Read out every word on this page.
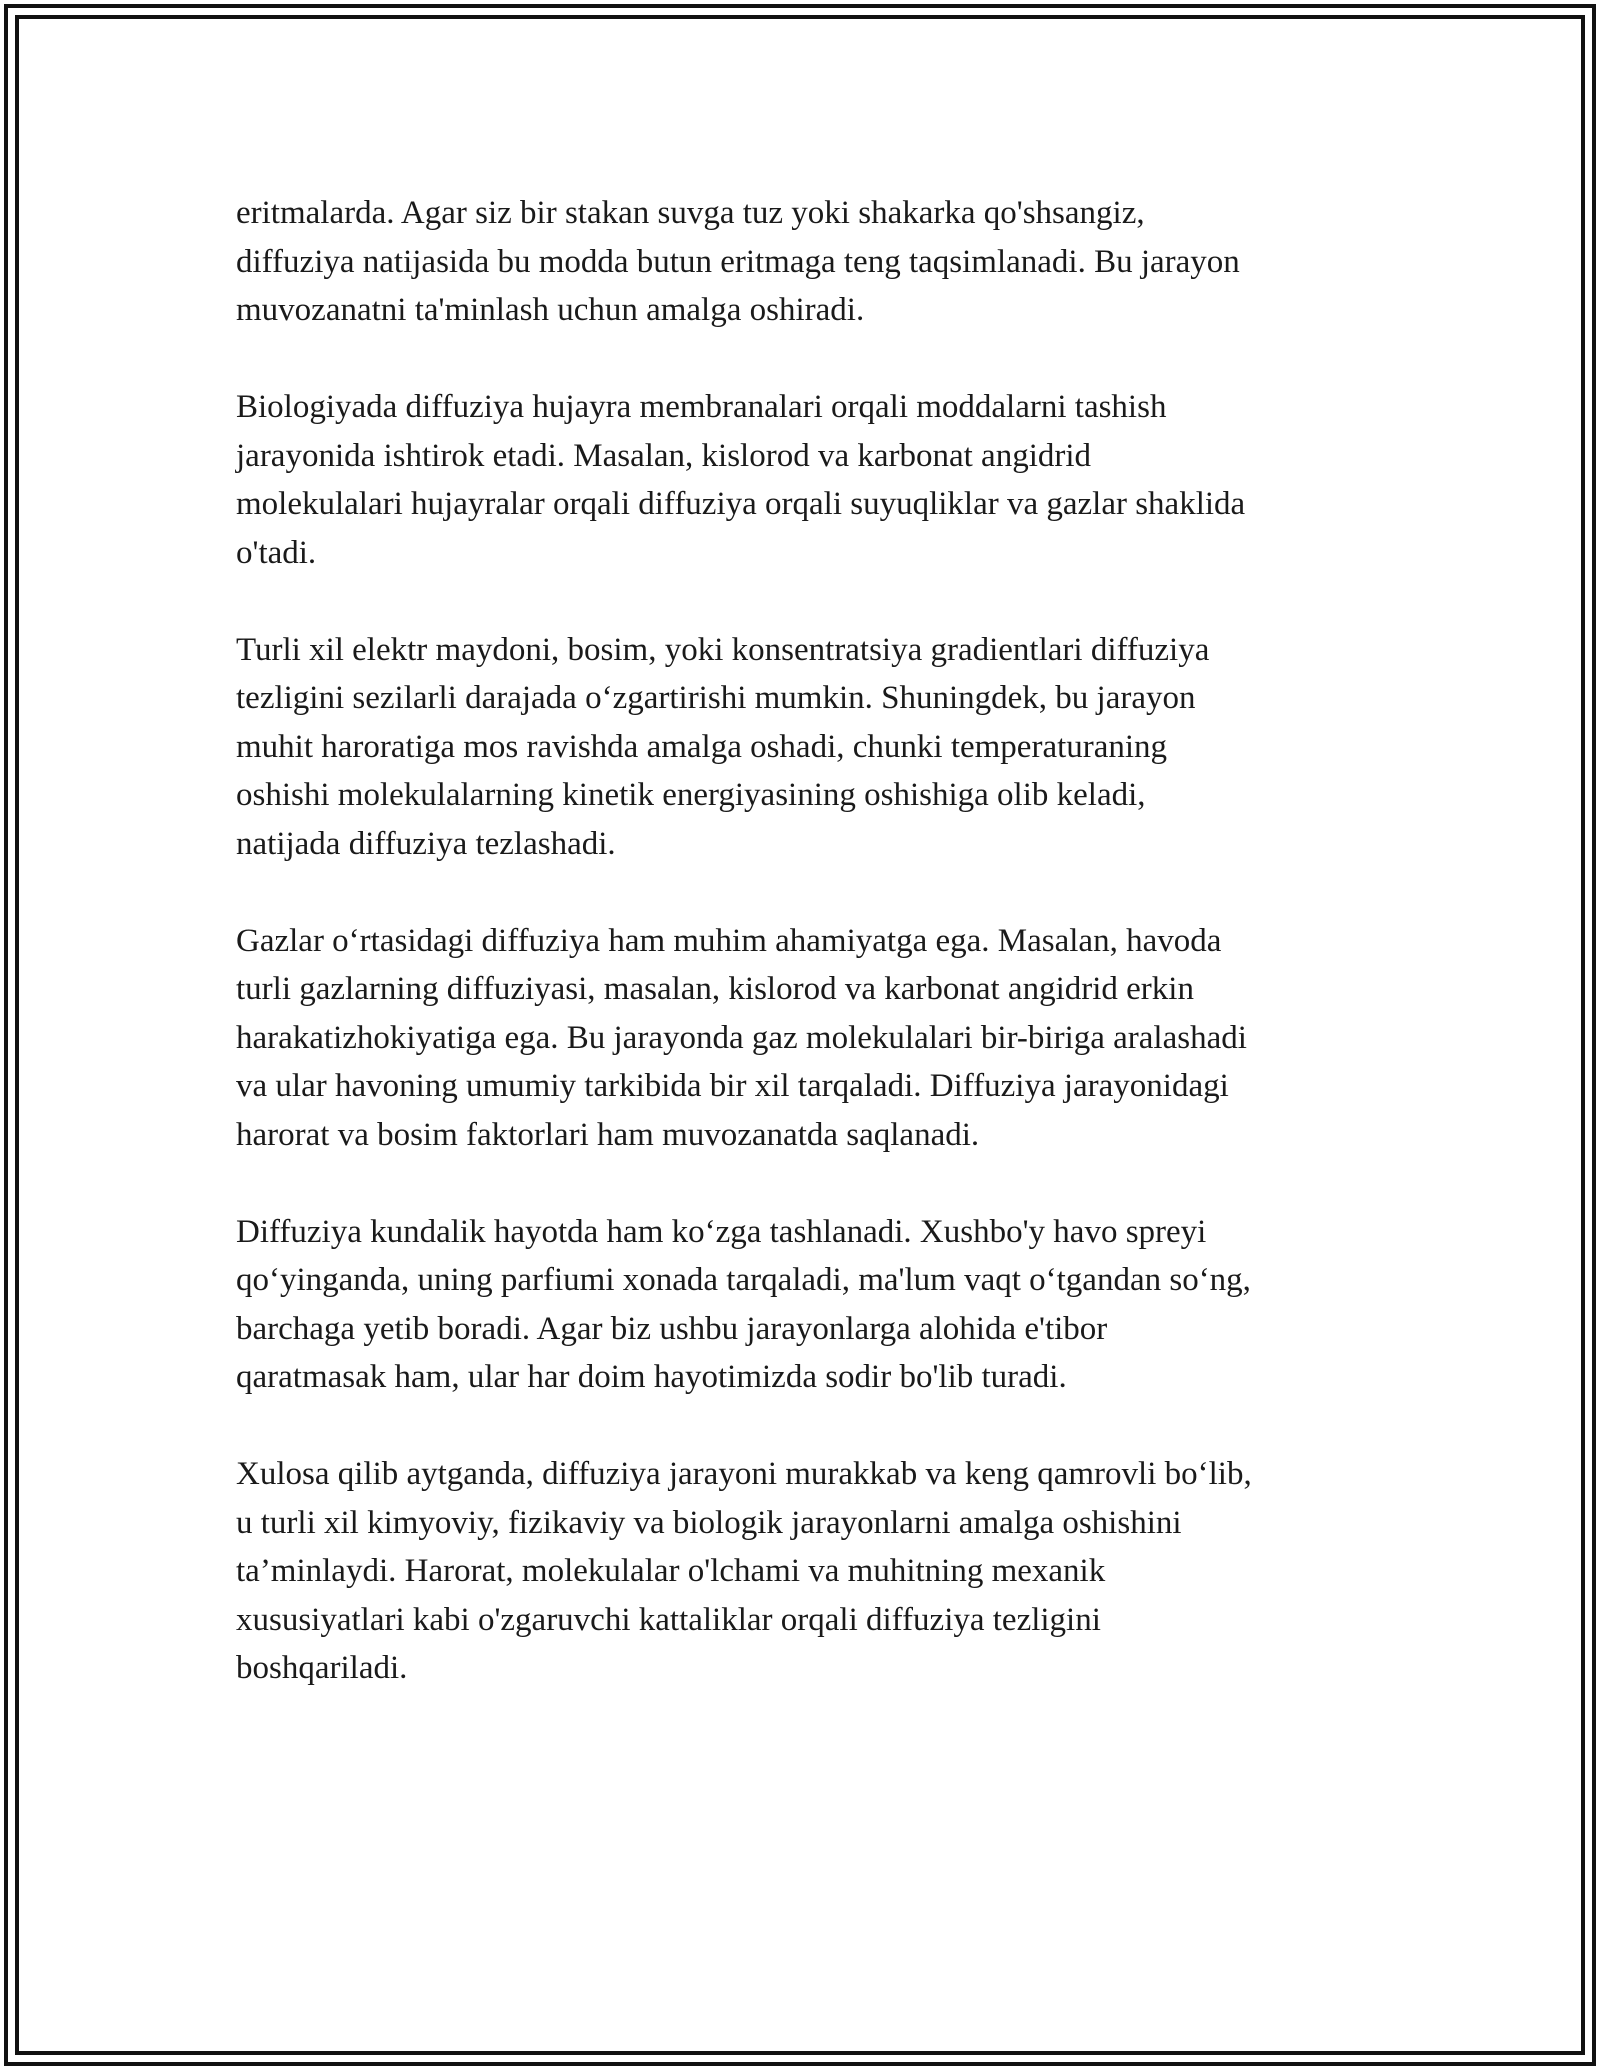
eritmalarda. Agar siz bir stakan suvga tuz yoki shakarka qo'shsangiz,
diffuziya natijasida bu modda butun eritmaga teng taqsimlanadi. Bu jarayon
muvozanatni ta'minlash uchun amalga oshiradi.

Biologiyada diffuziya hujayra membranalari orqali moddalarni tashish
jarayonida ishtirok etadi. Masalan, kislorod va karbonat angidrid
molekulalari hujayralar orqali diffuziya orqali suyuqliklar va gazlar shaklida
o'tadi.

Turli xil elektr maydoni, bosim, yoki konsentratsiya gradientlari diffuziya
tezligini sezilarli darajada o‘zgartirishi mumkin. Shuningdek, bu jarayon
muhit haroratiga mos ravishda amalga oshadi, chunki temperaturaning
oshishi molekulalarning kinetik energiyasining oshishiga olib keladi,
natijada diffuziya tezlashadi.

Gazlar o‘rtasidagi diffuziya ham muhim ahamiyatga ega. Masalan, havoda
turli gazlarning diffuziyasi, masalan, kislorod va karbonat angidrid erkin
harakatizhokiyatiga ega. Bu jarayonda gaz molekulalari bir-biriga aralashadi
va ular havoning umumiy tarkibida bir xil tarqaladi. Diffuziya jarayonidagi
harorat va bosim faktorlari ham muvozanatda saqlanadi.

Diffuziya kundalik hayotda ham ko‘zga tashlanadi. Xushbo'y havo spreyi
qo‘yinganda, uning parfiumi xonada tarqaladi, ma'lum vaqt o‘tgandan so‘ng,
barchaga yetib boradi. Agar biz ushbu jarayonlarga alohida e'tibor
qaratmasak ham, ular har doim hayotimizda sodir bo'lib turadi.

Xulosa qilib aytganda, diffuziya jarayoni murakkab va keng qamrovli bo‘lib,
u turli xil kimyoviy, fizikaviy va biologik jarayonlarni amalga oshishini
ta’minlaydi. Harorat, molekulalar o'lchami va muhitning mexanik
xususiyatlari kabi o'zgaruvchi kattaliklar orqali diffuziya tezligini
boshqariladi.
